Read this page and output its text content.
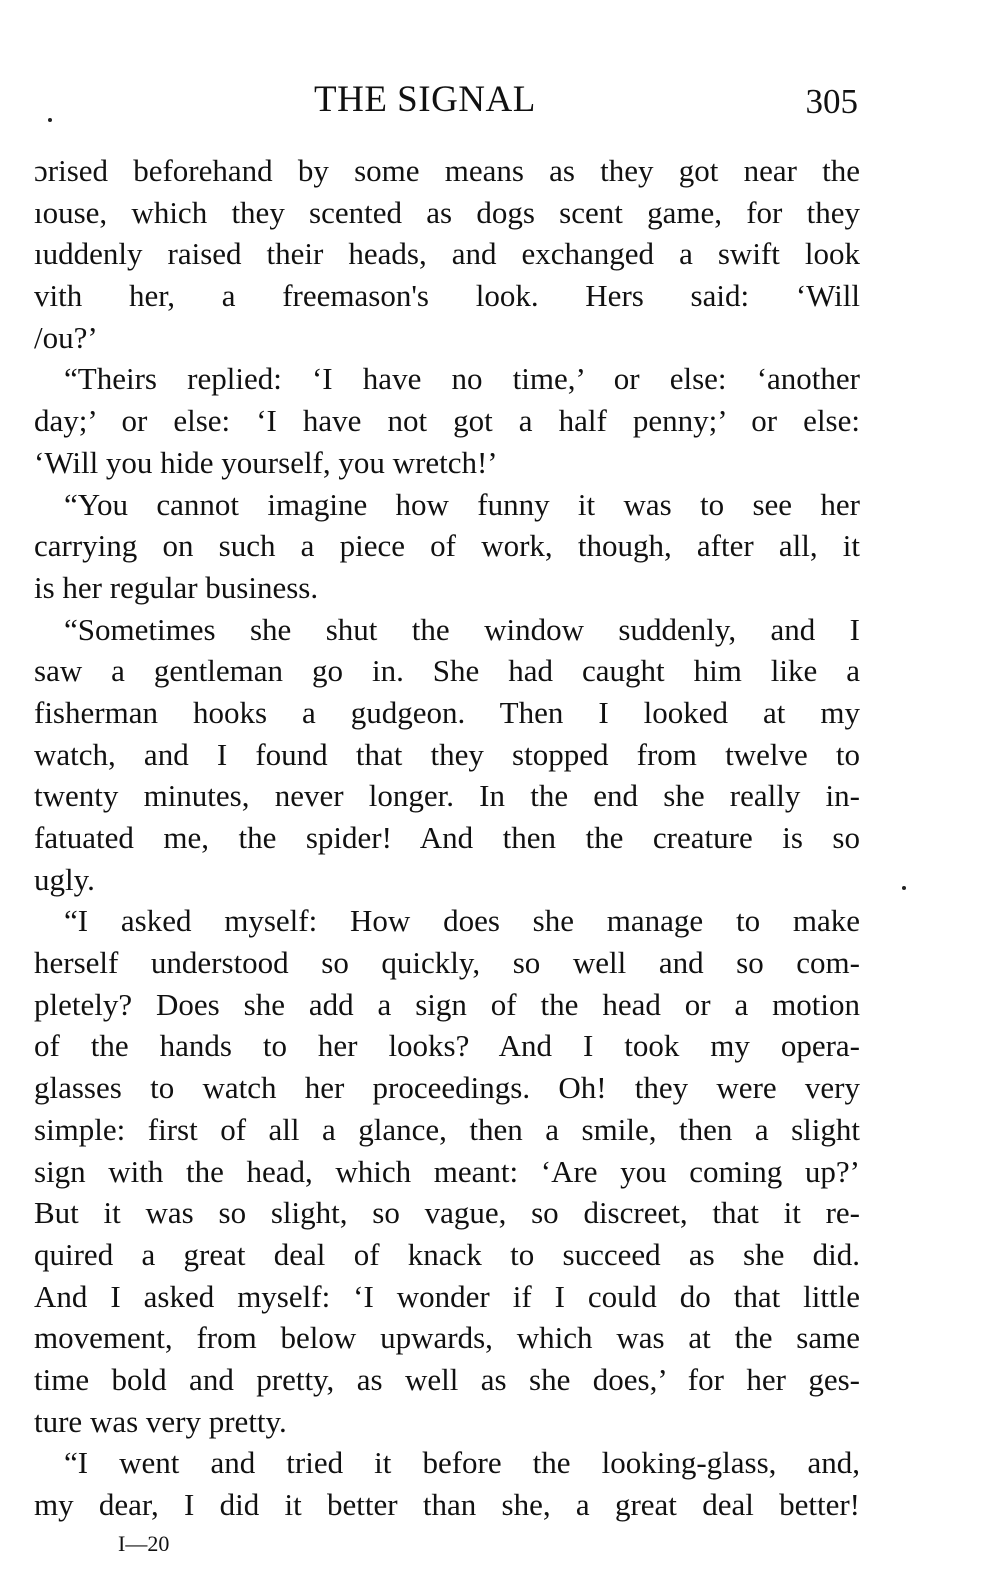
THE SIGNAL	305
ɔrised beforehand by some means as they got near the
ıouse, which they scented as dogs scent game, for they
ıuddenly raised their heads, and exchanged a swift look
vith her, a freemason's look. Hers said: ‘Will
/ou?’
“Theirs replied: ‘I have no time,’ or else: ‘another
day;’ or else: ‘I have not got a half penny;’ or else:
‘Will you hide yourself, you wretch!’
“You cannot imagine how funny it was to see her
carrying on such a piece of work, though, after all, it
is her regular business.
“Sometimes she shut the window suddenly, and I
saw a gentleman go in. She had caught him like a
fisherman hooks a gudgeon. Then I looked at my
watch, and I found that they stopped from twelve to
twenty minutes, never longer. In the end she really in-
fatuated me, the spider! And then the creature is so
ugly.
“I asked myself: How does she manage to make
herself understood so quickly, so well and so com-
pletely? Does she add a sign of the head or a motion
of the hands to her looks? And I took my opera-
glasses to watch her proceedings. Oh! they were very
simple: first of all a glance, then a smile, then a slight
sign with the head, which meant: ‘Are you coming up?’
But it was so slight, so vague, so discreet, that it re-
quired a great deal of knack to succeed as she did.
And I asked myself: ‘I wonder if I could do that little
movement, from below upwards, which was at the same
time bold and pretty, as well as she does,’ for her ges-
ture was very pretty.
“I went and tried it before the looking-glass, and,
my dear, I did it better than she, a great deal better!
I—20
